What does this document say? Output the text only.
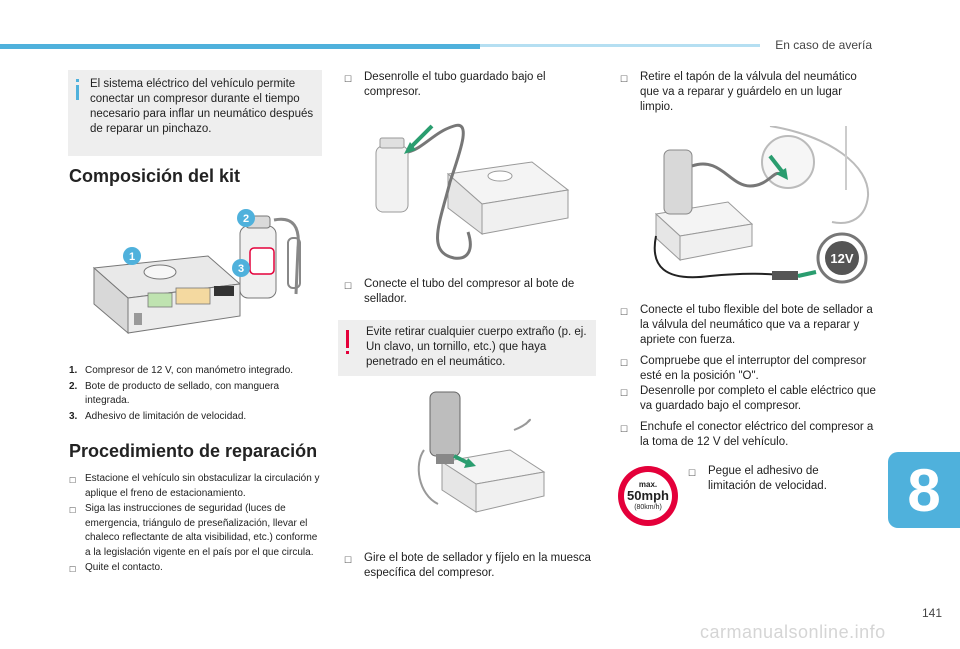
En caso de avería

El sistema eléctrico del vehículo permite conectar un compresor durante el tiempo necesario para inflar un neumático después de reparar un pinchazo.

Composición del kit
1
2
3
1. Compresor de 12 V, con manómetro integrado.
2. Bote de producto de sellado, con manguera integrada.
3. Adhesivo de limitación de velocidad.
Procedimiento de reparación
☐ Estacione el vehículo sin obstaculizar la circulación y aplique el freno de estacionamiento.
☐ Siga las instrucciones de seguridad (luces de emergencia, triángulo de preseñalización, llevar el chaleco reflectante de alta visibilidad, etc.) conforme a la legislación vigente en el país por el que circula.
☐ Quite el contacto.
☐	Desenrolle el tubo guardado bajo el compresor.
☐	Conecte el tubo del compresor al bote de sellador.

Evite retirar cualquier cuerpo extraño (p. ej. Un clavo, un tornillo, etc.) que haya penetrado en el neumático.

☐	Gire el bote de sellador y fíjelo en la muesca específica del compresor.
☐	Retire el tapón de la válvula del neumático que va a reparar y guárdelo en un lugar limpio.
12V
☐	Conecte el tubo flexible del bote de sellador a la válvula del neumático que va a reparar y apriete con fuerza.
☐	Compruebe que el interruptor del compresor esté en la posición "O".
☐	Desenrolle por completo el cable eléctrico que va guardado bajo el compresor.
☐	Enchufe el conector eléctrico del compresor a la toma de 12 V del vehículo.
max.
50mph
(80km/h)
☐	Pegue el adhesivo de limitación de velocidad.	8
141
carmanualsonline.info
